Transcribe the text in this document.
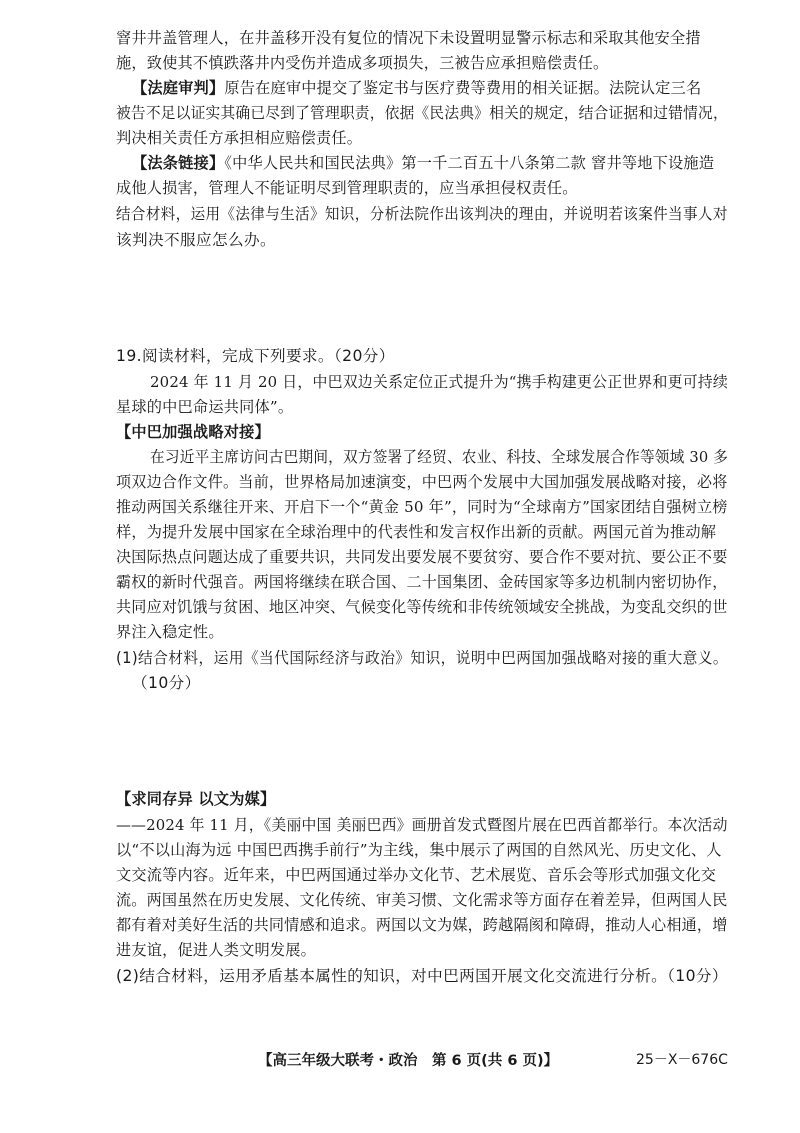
窨井井盖管理人，在井盖移开没有复位的情况下未设置明显警示标志和采取其他安全措
施，致使其不慎跌落井内受伤并造成多项损失，三被告应承担赔偿责任。
【法庭审判】原告在庭审中提交了鉴定书与医疗费等费用的相关证据。法院认定三名
被告不足以证实其确已尽到了管理职责，依据《民法典》相关的规定，结合证据和过错情况，
判决相关责任方承担相应赔偿责任。
【法条链接】《中华人民共和国民法典》第一千二百五十八条第二款 窨井等地下设施造
成他人损害，管理人不能证明尽到管理职责的，应当承担侵权责任。
结合材料，运用《法律与生活》知识，分析法院作出该判决的理由，并说明若该案件当事人对
该判决不服应怎么办。
19.阅读材料，完成下列要求。（20分）
2024 年 11 月 20 日，中巴双边关系定位正式提升为“携手构建更公正世界和更可持续
星球的中巴命运共同体”。
【中巴加强战略对接】
在习近平主席访问古巴期间，双方签署了经贸、农业、科技、全球发展合作等领域 30 多
项双边合作文件。当前，世界格局加速演变，中巴两个发展中大国加强发展战略对接，必将
推动两国关系继往开来、开启下一个“黄金 50 年”，同时为“全球南方”国家团结自强树立榜
样，为提升发展中国家在全球治理中的代表性和发言权作出新的贡献。两国元首为推动解
决国际热点问题达成了重要共识，共同发出要发展不要贫穷、要合作不要对抗、要公正不要
霸权的新时代强音。两国将继续在联合国、二十国集团、金砖国家等多边机制内密切协作，
共同应对饥饿与贫困、地区冲突、气候变化等传统和非传统领域安全挑战，为变乱交织的世
界注入稳定性。
(1)结合材料，运用《当代国际经济与政治》知识，说明中巴两国加强战略对接的重大意义。
（10分）
【求同存异 以文为媒】
——2024 年 11 月，《美丽中国 美丽巴西》画册首发式暨图片展在巴西首都举行。本次活动
以“不以山海为远 中国巴西携手前行”为主线，集中展示了两国的自然风光、历史文化、人
文交流等内容。近年来，中巴两国通过举办文化节、艺术展览、音乐会等形式加强文化交
流。两国虽然在历史发展、文化传统、审美习惯、文化需求等方面存在着差异，但两国人民
都有着对美好生活的共同情感和追求。两国以文为媒，跨越隔阂和障碍，推动人心相通，增
进友谊，促进人类文明发展。
(2)结合材料，运用矛盾基本属性的知识，对中巴两国开展文化交流进行分析。（10分）
【高三年级大联考・政治　第 6 页(共 6 页)】	25－X－676C
